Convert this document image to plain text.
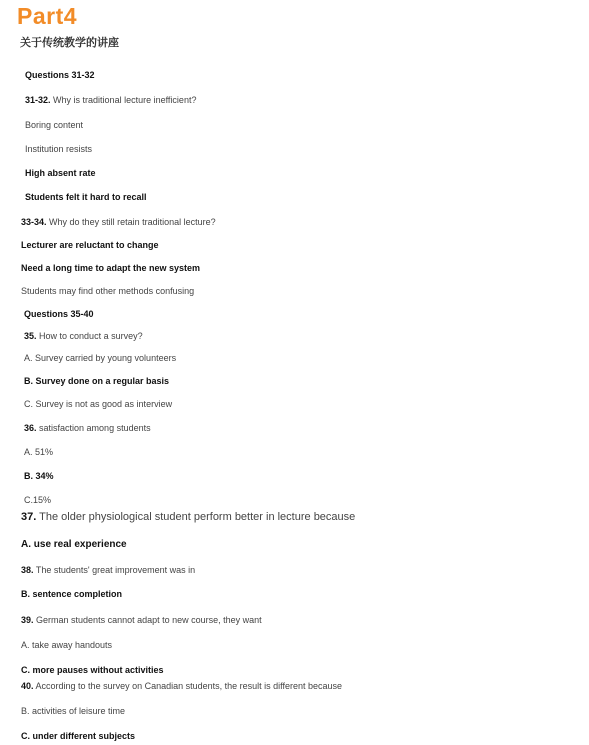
Part4
关于传统教学的讲座
Questions 31-32
31-32. Why is traditional lecture inefficient?
Boring content
Institution resists
High absent rate
Students felt it hard to recall
33-34. Why do they still retain traditional lecture?
Lecturer are reluctant to change
Need a long time to adapt the new system
Students may find other methods confusing
Questions 35-40
35. How to conduct a survey?
A. Survey carried by young volunteers
B. Survey done on a regular basis
C. Survey is not as good as interview
36. satisfaction among students
A. 51%
B. 34%
C.15%
37. The older physiological student perform better in lecture because
A. use real experience
38. The students' great improvement was in
B. sentence completion
39. German students cannot adapt to new course, they want
A. take away handouts
C. more pauses without activities
40. According to the survey on Canadian students, the result is different because
B. activities of leisure time
C. under different subjects
